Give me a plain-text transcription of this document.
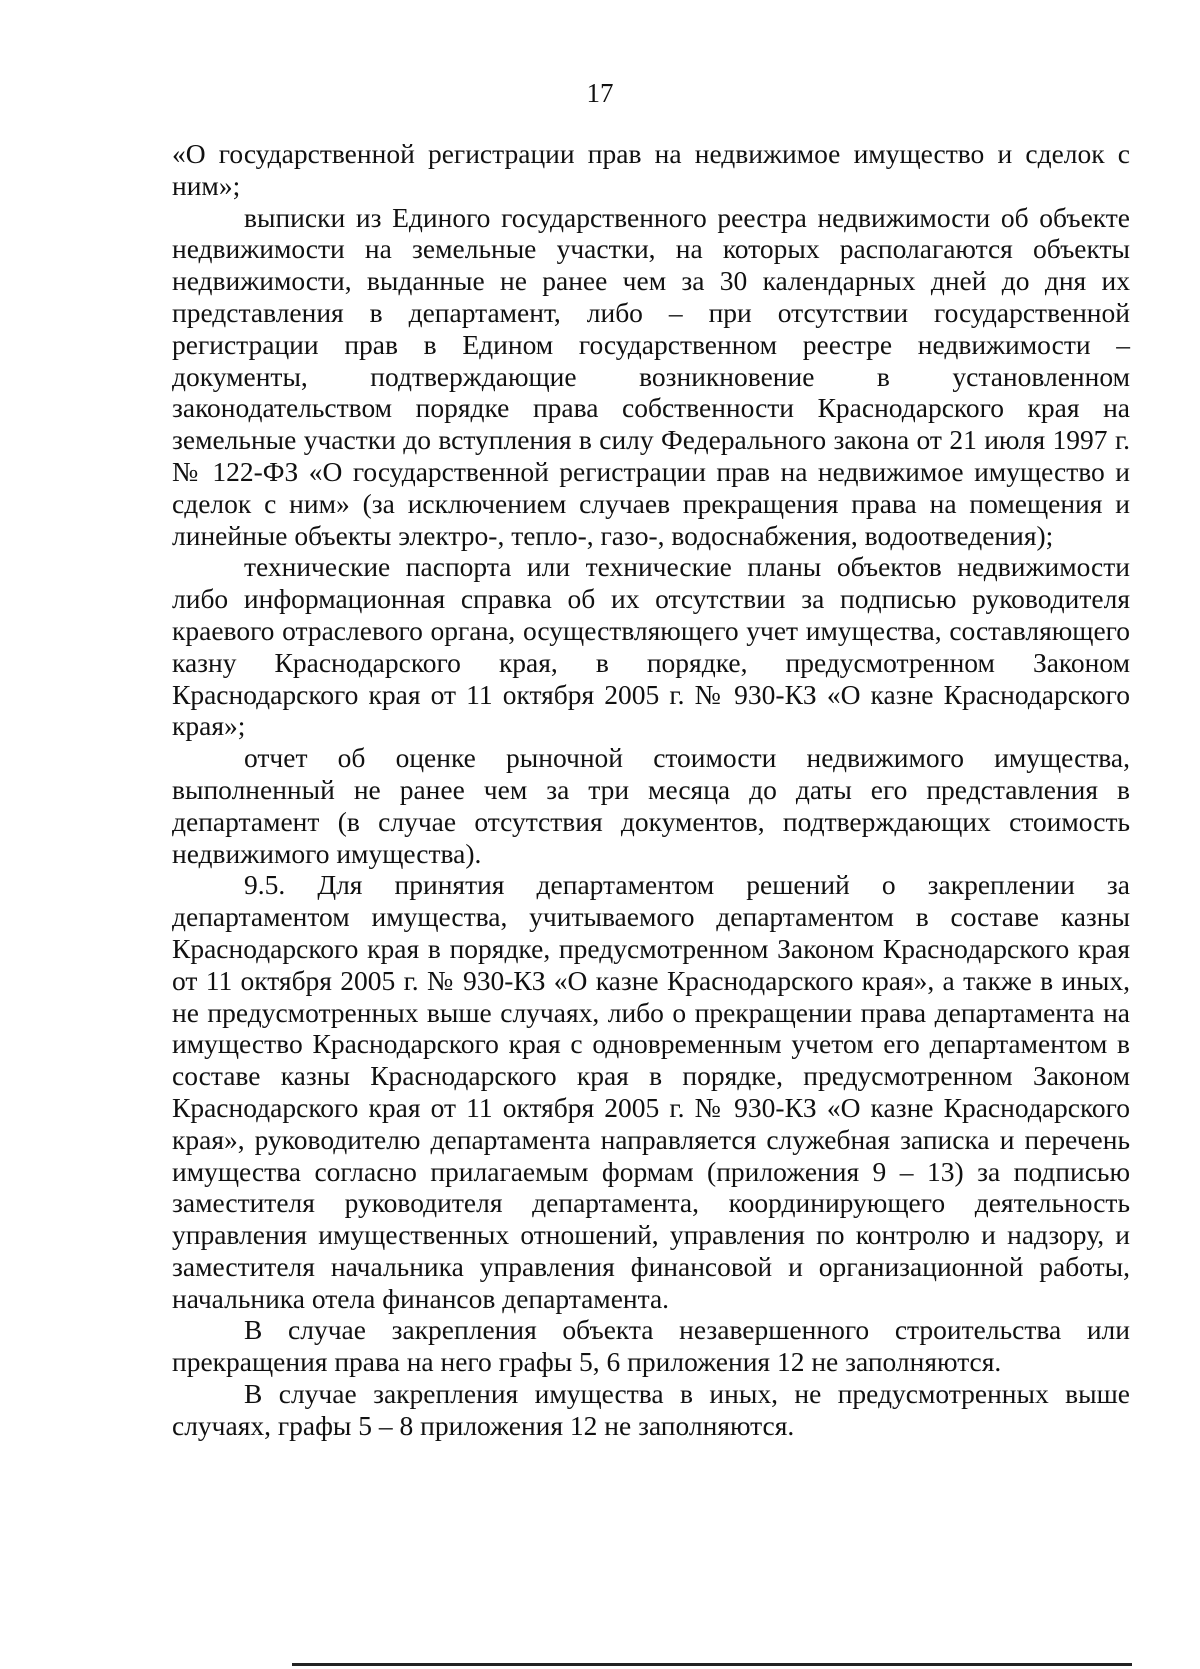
17

«О государственной регистрации прав на недвижимое имущество и сделок с ним»;

выписки из Единого государственного реестра недвижимости об объекте недвижимости на земельные участки, на которых располагаются объекты недвижимости, выданные не ранее чем за 30 календарных дней до дня их представления в департамент, либо – при отсутствии государственной регистрации прав в Едином государственном реестре недвижимости – документы, подтверждающие возникновение в установленном законодательством порядке права собственности Краснодарского края на земельные участки до вступления в силу Федерального закона от 21 июля 1997 г. № 122-ФЗ «О государственной регистрации прав на недвижимое имущество и сделок с ним» (за исключением случаев прекращения права на помещения и линейные объекты электро-, тепло-, газо-, водоснабжения, водоотведения);

технические паспорта или технические планы объектов недвижимости либо информационная справка об их отсутствии за подписью руководителя краевого отраслевого органа, осуществляющего учет имущества, составляющего казну Краснодарского края, в порядке, предусмотренном Законом Краснодарского края от 11 октября 2005 г. № 930-КЗ «О казне Краснодарского края»;

отчет об оценке рыночной стоимости недвижимого имущества, выполненный не ранее чем за три месяца до даты его представления в департамент (в случае отсутствия документов, подтверждающих стоимость недвижимого имущества).

9.5. Для принятия департаментом решений о закреплении за департаментом имущества, учитываемого департаментом в составе казны Краснодарского края в порядке, предусмотренном Законом Краснодарского края от 11 октября 2005 г. № 930-КЗ «О казне Краснодарского края», а также в иных, не предусмотренных выше случаях, либо о прекращении права департамента на имущество Краснодарского края с одновременным учетом его департаментом в составе казны Краснодарского края в порядке, предусмотренном Законом Краснодарского края от 11 октября 2005 г. № 930-КЗ «О казне Краснодарского края», руководителю департамента направляется служебная записка и перечень имущества согласно прилагаемым формам (приложения 9 – 13) за подписью заместителя руководителя департамента, координирующего деятельность управления имущественных отношений, управления по контролю и надзору, и заместителя начальника управления финансовой и организационной работы, начальника отела финансов департамента.

В случае закрепления объекта незавершенного строительства или прекращения права на него графы 5, 6 приложения 12 не заполняются.

В случае закрепления имущества в иных, не предусмотренных выше случаях, графы 5 – 8 приложения 12 не заполняются.
